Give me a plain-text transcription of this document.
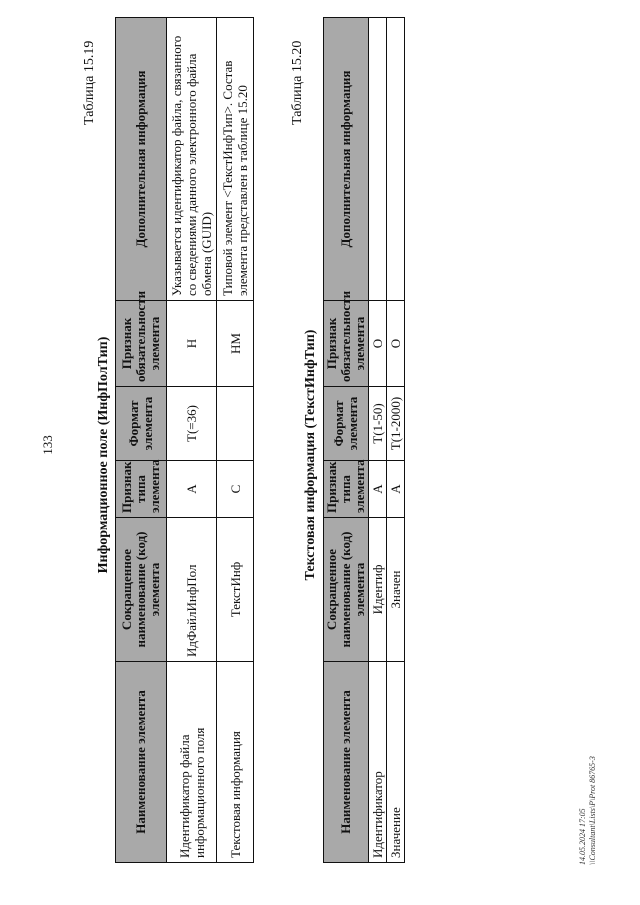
133
Таблица 15.19
Информационное поле (ИнфПолТип)
Наименование элемента	Сокращенное наименование (код) элемента	Признак типа элемента	Формат элемента	Признак обязательности элемента	Дополнительная информация
Идентификатор файла информационного поля	ИдФайлИнфПол	А	Т(=36)	Н	Указывается идентификатор файла, связанного со сведениями данного электронного файла обмена (GUID)
Текстовая информация	ТекстИнф	С		НМ	Типовой элемент <ТекстИнфТип>. Состав элемента представлен в таблице 15.20
Таблица 15.20
Текстовая информация (ТекстИнфТип)
Наименование элемента	Сокращенное наименование (код) элемента	Признак типа элемента	Формат элемента	Признак обязательности элемента	Дополнительная информация
Идентификатор	Идентиф	А	Т(1-50)	О	
Значение	Значен	А	Т(1-2000)	О	
14.05.2024 17:05 \\Consultant\Lists\P\Prot 86765-3
